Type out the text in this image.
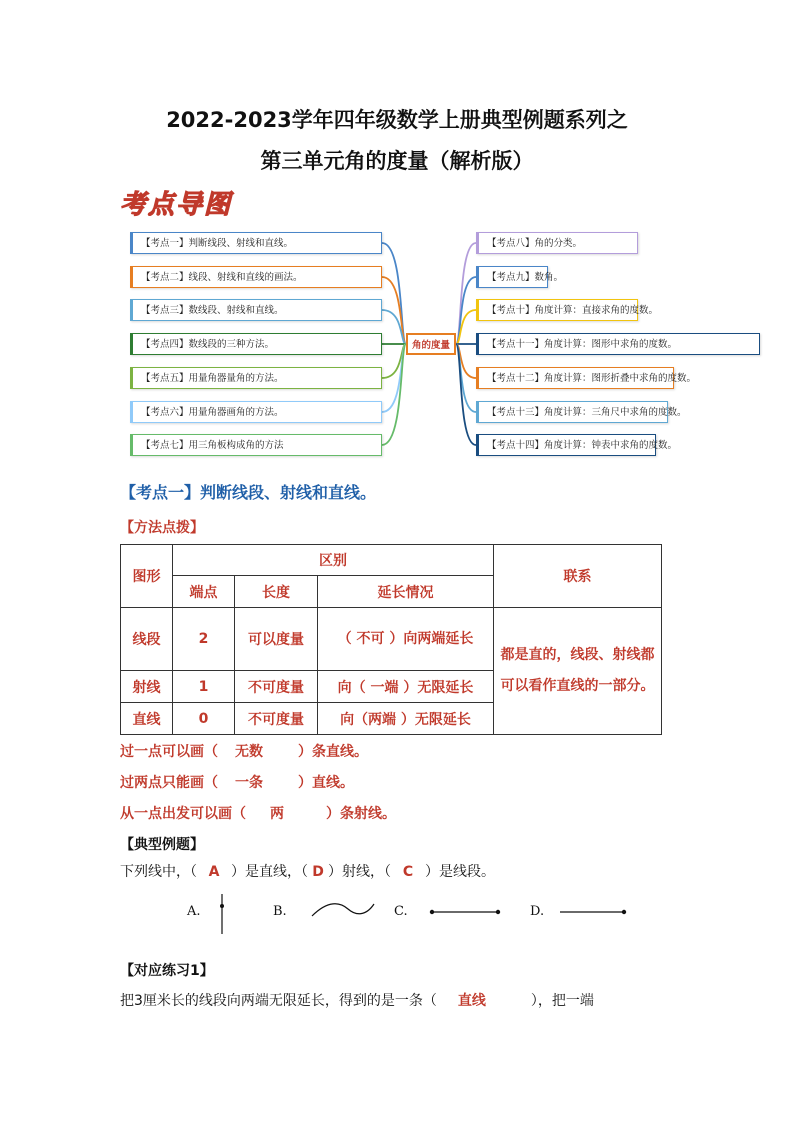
2022-2023学年四年级数学上册典型例题系列之
第三单元角的度量（解析版）
考点导图
角的度量
【考点一】判断线段、射线和直线。
【考点二】线段、射线和直线的画法。
【考点三】数线段、射线和直线。
【考点四】数线段的三种方法。
【考点五】用量角器量角的方法。
【考点六】用量角器画角的方法。
【考点七】用三角板构成角的方法
【考点八】角的分类。
【考点九】数角。
【考点十】角度计算：直接求角的度数。
【考点十一】角度计算：图形中求角的度数。
【考点十二】角度计算：图形折叠中求角的度数。
【考点十三】角度计算：三角尺中求角的度数。
【考点十四】角度计算：钟表中求角的度数。
【考点一】判断线段、射线和直线。
【方法点拨】
图形	区别			联系
	端点	长度	延长情况	
线段	2	可以度量	（ 不可 ）向两端延长	都是直的，线段、射线都可以看作直线的一部分。
射线	1	不可度量	向（ 一端 ）无限延长	
直线	0	不可度量	向（两端 ）无限延长	
过一点可以画（ 无数	）条直线。
过两点只能画（ 一条	）直线。
从一点出发可以画（ 两	）条射线。
【典型例题】
下列线中，（ A ）是直线，（ D ）射线，（ C ）是线段。
A.	B.	C.	D.
【对应练习1】
把3厘米长的线段向两端无限延长，得到的是一条（ 直线	），把一端
